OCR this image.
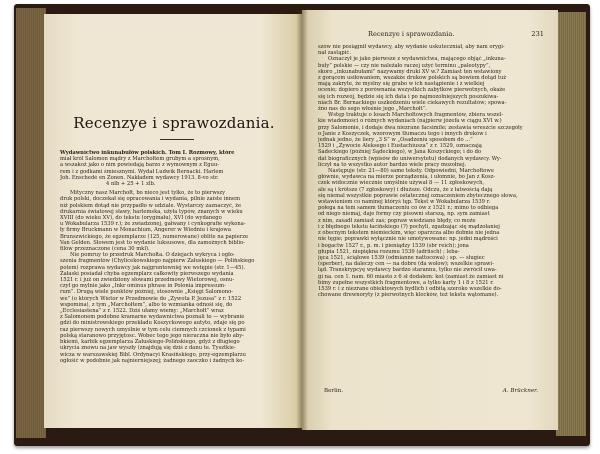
Recenzye i sprawozdania.
Wydawnictwo inkunabułów polskich. Tom I. Rozmowy, które
miał król Salomon mądry z Marchołtem grubym a sprośnym,
a wszakoż jako o nim powiedają barzo z wymownym z Eguu-
rem i z godkami śmiesznymi. Wydał Ludwik Bernacki. Harlem
Joh. Enschedé en Zonen. Nakładem wydawcy 1913. 8-vo str.
4 nlb + 25 + 1 zlb.
Mityczny nasz Marchołt, bo nieco jest tylko, że to pierwszy
druk polski, doczekał się opracowania i wydania, pilnie zaiste innem
niż polskiem dotąd nie przypadło w udziale. Wystarczy zaznaczyć, że
drukarnia światowej sławy, harlemska, użyła typów, znanych w wieku
XVIII (do wieku XV), do tekstu (oryginału), XVI (do wydanego
u Wokabularza 1539 r.); że zwiadzonej, gałwany i cynkografie wykona-
ły firmy Bruckmann w Monachium, Angerer w Wiedniu i krajowa
Brunszwickiego, że egzemplarze (125, numerowane) oblite na papierze
Van Gelden. Słowem jest to wydanie luksusowe, dla zamożnych biblio-
filów przeznaczone (cena 30 mkl).
Nie pomruy to przedruk Marchołta. O dziejach wykryca i ogło-
szenia fragmentów (Chylicekowskiego najpierw Załuskiego — Polińskiego
potem) rozprawa wydawcy jak najgruntowniej we wstępie (str. 1—45).
Załaski posiadał chyba egzemplarz całkowity pierwszego wydania
1521 r. i już on zwiedziony słowami przedmowy Wietorowej, osnu-
czył go mylnie jako „Inkr ominus phrase in Polonia impressum-
rum”. Drugą wiele punktów później, stosownie „Księgi Salomono-
we” (o których Wietor w Przedmowie do „Żywota P. Jezusa” z r. 1522
wspomina), z tym „Marchołtem”, albo to wzmianka odnośi się, do
„Ecclesiastena” z r. 1522. Dziś ułamy wiemy: „Marchołt” wraz
z Salomonem podobne kramarne wydawnictwa poznali to — wybranie
gdzi do ministrowskiego przekładu Koszyckowego autyto, zdaje się po
raz pierwszy nowych umyślnie w tym celu ciemnych czcionek z typami
polską staranowo przyjętosc. Wobec tego jego nieraczna nie było aby-
bkiemi, karbik egzemplarza Załuskiego-Polińskiego, gdyż z długiego
ukrycia znowu na jaw wyszły (znajdują się dziś z danu te. Tysztkie-
wicza w warszawskiej Bibl. Ordynacyi Krasińskiego, przy-egzemplarzu
ogłośić w podobnie jak najnierniejszej; żadnego zaoczko i żadnych ko-
Recenzye i sprawozdania.	231
szów nie posiągnił wydawcy, aby wydanie uskuteczniał, aby nam orygi-
nał zastąpić.
Oznaczył je jako pierwsze z wydawnictwa, mającego objąć „inkuna-
buły” polskie — czy nie należało raczej użyć terminu „paleotypy”,
skoro „inkunabułami” nazywamy druki XV w.? Zamiast ten wstawiony
z gorącem usiłowaniem, wszakże drukow polskich są bowiem dotąd tuż
mają zakryte, że myślny się grabo w ich nastąpienie i z wielkiej
ocenie; dopiero z porównania wszystkich zabytków pierwotnych, okaże
się ich rozwój, będzie się ich data i po najmozolniejszych poszukiwa-
niach Br. Bernackiego uszkodzeniu wiele ciekawych rezultatów; spowa-
żno nas do sego włośnie jego „Marchołt”.
Wstęp traktuje o losach Marchołtowych fragmentów, zbiera wszel-
kie wiadomości o różnych wydaniach (najpierw józefa w ciągu XVI w.)
przy Salomonie, i dodaje dwa niezrane facsimile; zestawia wreszcie szczegóły
o Janie z Koszyczek, wzorowym tłumaczu tego i innych druków i
jednak jedno, że liery „3 S” w „Osadzeniu sposobem do ...”
1529 i „Żywocie Aleksego i Eustachiusza” z r. 1529, oznaczają
Sadeckiego (później Sądeckiego), w Jana Koszyckiego; i do do
dat biograficznych (wpisów do uniwersytetu) dodanych wydawcy. Wy-
liczył na to wszystko autor bardzo wiele pracy mozołnej.
Następuje (str. 21—80) same teksty. Odpowiedni, Marchołtowe
głównie, wydawca na mierze porządzenia, i ułomnie, bo Jan z Kosz-
czek widocznie wiecznie umyślnie używał 8 — 11 zgłoskowych,
ale są i krótsze (7 zgłoskowy) i dłuższe. Odczu, że z łatwością dają
się niemal wszystkie poprawie ostatecznej oznaczeniem zbytecznego słowa,
wstawieniem co naminej któryś tęp. Tekst w Wokabularza 1539 r.
połega na tem samem tłumaczeniu co ów z 1521 r.; mimo to odbiega
od niego niemaj, daje formy czy pisowni starszą, np. sym zamiast
z nim, zaśadł zamiast zaś; popraw wiedziane błędy, co może
i z błędnego tekstu łacińskiego (?) pochyli, zgadzając się mądzołaniej
z obecnym tekstem niemieckim, więc oparzcza albo dobnie nie jedna
nie tęgie; poprawki wyłącznie nie umotywowane: np. jedni mądrości
i bogactw 1527 r., p. m. i pieniądzy 1539 (sbr reich); jona
głupia 1521, niepiękna rozumu 1539 (adriisch) ; leba-
jęca 1521, ściąłowe 1539 (odmianne nattocowa) ; sp. — sługiec
(sperber), na daleczy cen — na dobre (da wolow); wszelkie sprawi-
ląd. Transkrypcyę wydawcy bardzo starannu, tylko nie zwrócił uwa-
gi na. cen 1. nam. 60 miasto z 6 sł dodałem: kot (zamiast że zamiast ni
bimy zupełne wszystkich fragmentowe, a tylko karty 1 i 8 z 1521 r.
1539 r. i z niezrane obiektowych bydlich i odbitą szeroko wszelkie do-
chowane drewnoryty (z pierwotnych klocków, też tekstu wątomane).
Berlin.	A. Brückner.
